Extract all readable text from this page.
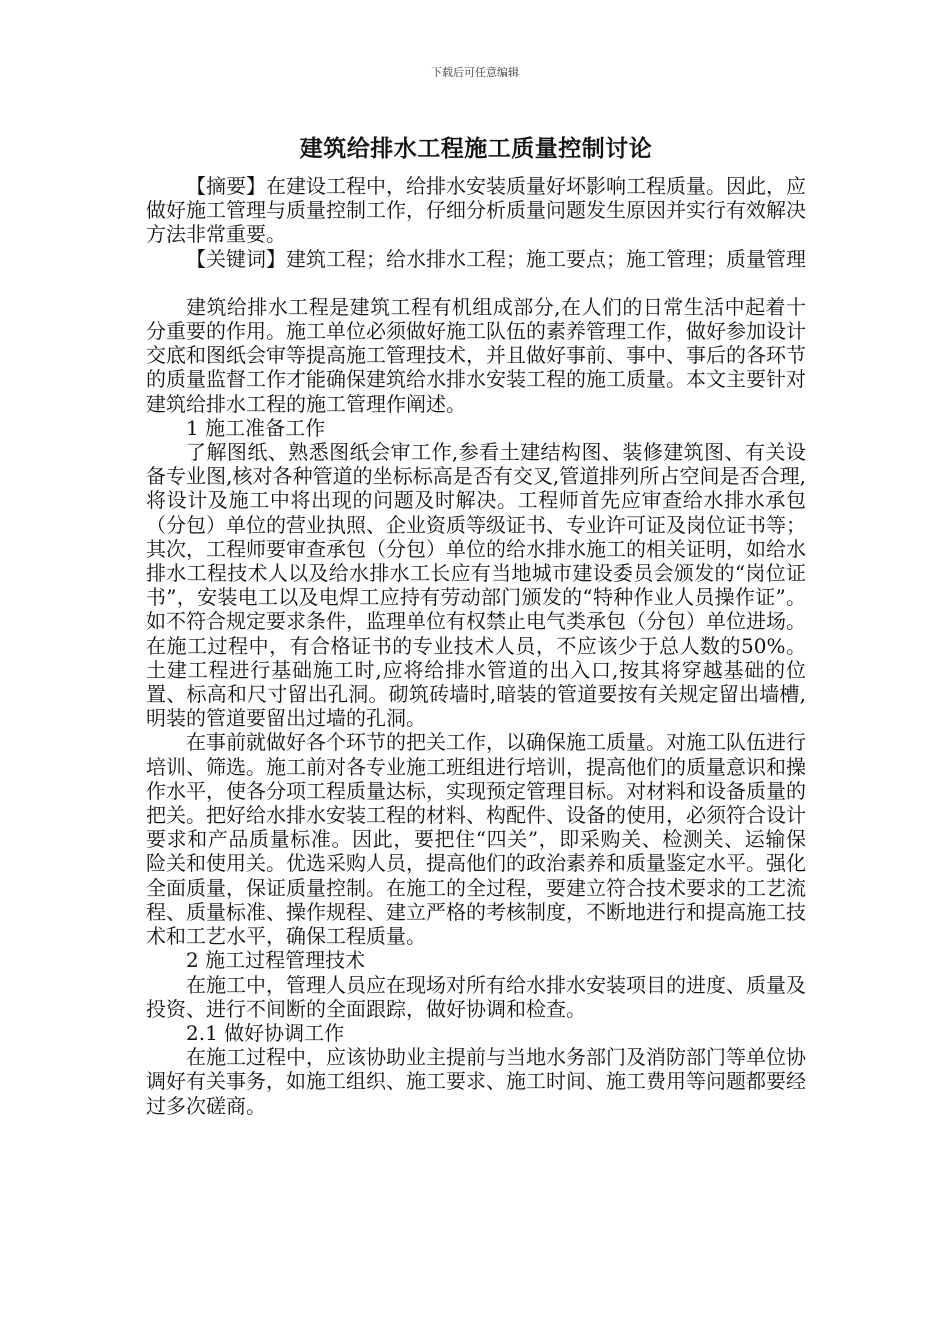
下载后可任意编辑
建筑给排水工程施工质量控制讨论

【摘要】在建设工程中，给排水安装质量好坏影响工程质量。因此，应做好施工管理与质量控制工作，仔细分析质量问题发生原因并实行有效解决方法非常重要。

【关键词】建筑工程；给水排水工程；施工要点；施工管理；质量管理

建筑给排水工程是建筑工程有机组成部分,在人们的日常生活中起着十分重要的作用。施工单位必须做好施工队伍的素养管理工作，做好参加设计交底和图纸会审等提高施工管理技术，并且做好事前、事中、事后的各环节的质量监督工作才能确保建筑给水排水安装工程的施工质量。本文主要针对建筑给排水工程的施工管理作阐述。

1 施工准备工作

了解图纸、熟悉图纸会审工作,参看土建结构图、装修建筑图、有关设备专业图,核对各种管道的坐标标高是否有交叉,管道排列所占空间是否合理,将设计及施工中将出现的问题及时解决。工程师首先应审查给水排水承包（分包）单位的营业执照、企业资质等级证书、专业许可证及岗位证书等；其次，工程师要审查承包（分包）单位的给水排水施工的相关证明，如给水排水工程技术人以及给水排水工长应有当地城市建设委员会颁发的“岗位证书”，安装电工以及电焊工应持有劳动部门颁发的“特种作业人员操作证”。如不符合规定要求条件，监理单位有权禁止电气类承包（分包）单位进场。在施工过程中，有合格证书的专业技术人员，不应该少于总人数的50%。土建工程进行基础施工时,应将给排水管道的出入口,按其将穿越基础的位置、标高和尺寸留出孔洞。砌筑砖墙时,暗装的管道要按有关规定留出墙槽,明装的管道要留出过墙的孔洞。

在事前就做好各个环节的把关工作，以确保施工质量。对施工队伍进行培训、筛选。施工前对各专业施工班组进行培训，提高他们的质量意识和操作水平，使各分项工程质量达标，实现预定管理目标。对材料和设备质量的把关。把好给水排水安装工程的材料、构配件、设备的使用，必须符合设计要求和产品质量标准。因此，要把住“四关”，即采购关、检测关、运输保险关和使用关。优选采购人员，提高他们的政治素养和质量鉴定水平。强化全面质量，保证质量控制。在施工的全过程，要建立符合技术要求的工艺流程、质量标准、操作规程、建立严格的考核制度，不断地进行和提高施工技术和工艺水平，确保工程质量。

2 施工过程管理技术

在施工中，管理人员应在现场对所有给水排水安装项目的进度、质量及投资、进行不间断的全面跟踪，做好协调和检查。

2.1 做好协调工作

在施工过程中，应该协助业主提前与当地水务部门及消防部门等单位协调好有关事务，如施工组织、施工要求、施工时间、施工费用等问题都要经过多次磋商。
